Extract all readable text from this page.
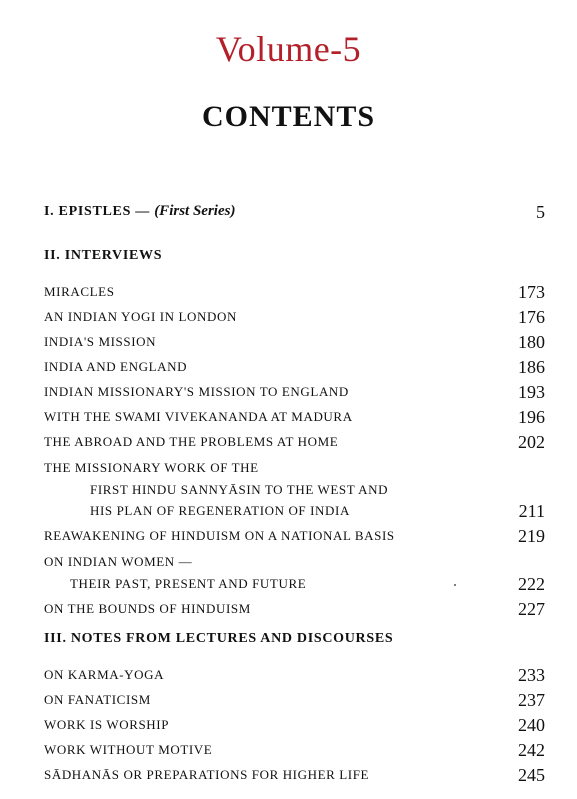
Volume-5
CONTENTS
I. EPISTLES — (First Series)	5
II. INTERVIEWS
MIRACLES	173
AN INDIAN YOGI IN LONDON	176
INDIA'S MISSION	180
INDIA AND ENGLAND	186
INDIAN MISSIONARY'S MISSION TO ENGLAND	193
WITH THE SWAMI VIVEKANANDA AT MADURA	196
THE ABROAD AND THE PROBLEMS AT HOME	202
THE MISSIONARY WORK OF THE
FIRST HINDU SANNYĀSIN TO THE WEST AND
HIS PLAN OF REGENERATION OF INDIA	211
REAWAKENING OF HINDUISM ON A NATIONAL BASIS	219
ON INDIAN WOMEN —
THEIR PAST, PRESENT AND FUTURE	222
ON THE BOUNDS OF HINDUISM	227
III. NOTES FROM LECTURES AND DISCOURSES
ON KARMA-YOGA	233
ON FANATICISM	237
WORK IS WORSHIP	240
WORK WITHOUT MOTIVE	242
SĀDHANĀS OR PREPARATIONS FOR HIGHER LIFE	245
